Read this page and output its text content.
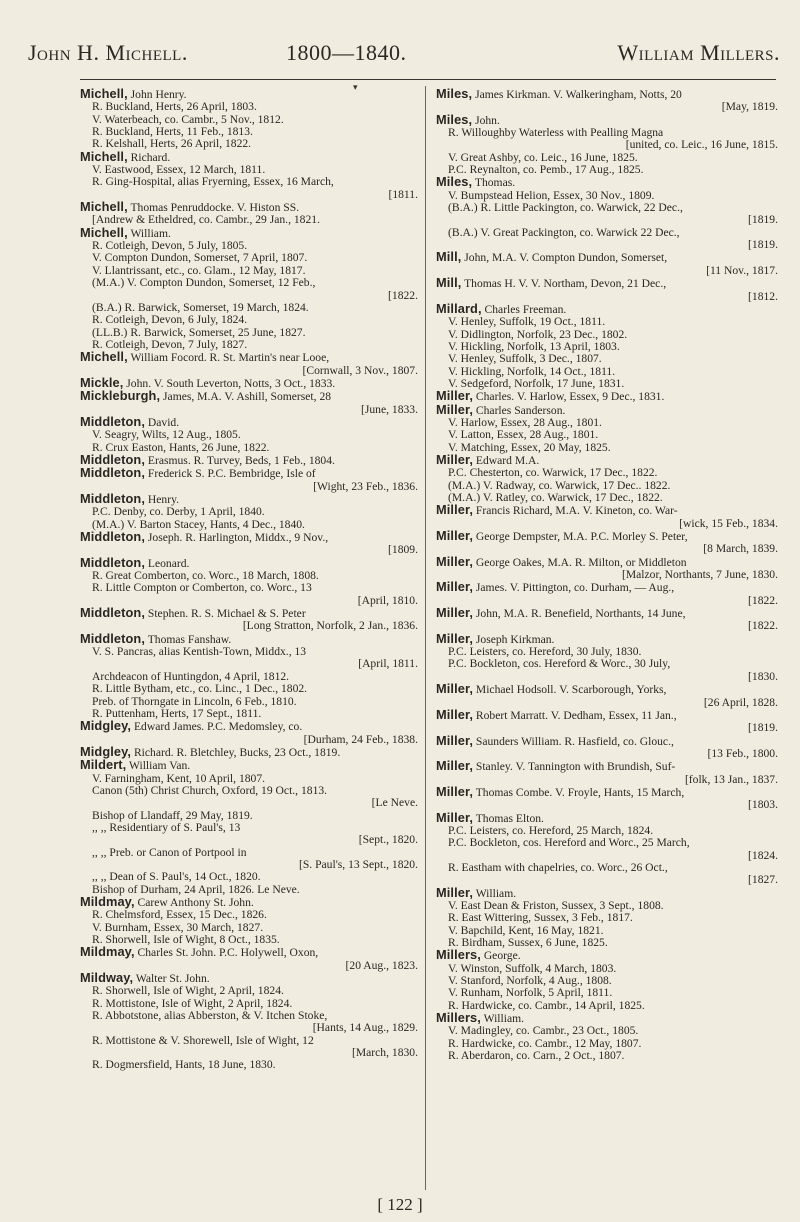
John H. Michell.	1800—1840.	William Millers.
▾
Michell, John Henry.
R. Buckland, Herts, 26 April, 1803.
V. Waterbeach, co. Cambr., 5 Nov., 1812.
R. Buckland, Herts, 11 Feb., 1813.
R. Kelshall, Herts, 26 April, 1822.
Michell, Richard.
V. Eastwood, Essex, 12 March, 1811.
R. Ging-Hospital, alias Fryerning, Essex, 16 March,
[1811.
Michell, Thomas Penruddocke. V. Histon SS.
[Andrew & Etheldred, co. Cambr., 29 Jan., 1821.
Michell, William.
R. Cotleigh, Devon, 5 July, 1805.
V. Compton Dundon, Somerset, 7 April, 1807.
V. Llantrissant, etc., co. Glam., 12 May, 1817.
(M.A.) V. Compton Dundon, Somerset, 12 Feb.,
[1822.
(B.A.) R. Barwick, Somerset, 19 March, 1824.
R. Cotleigh, Devon, 6 July, 1824.
(LL.B.) R. Barwick, Somerset, 25 June, 1827.
R. Cotleigh, Devon, 7 July, 1827.
Michell, William Focord. R. St. Martin's near Looe,
[Cornwall, 3 Nov., 1807.
Mickle, John. V. South Leverton, Notts, 3 Oct., 1833.
Mickleburgh, James, M.A. V. Ashill, Somerset, 28
[June, 1833.
Middleton, David.
V. Seagry, Wilts, 12 Aug., 1805.
R. Crux Easton, Hants, 26 June, 1822.
Middleton, Erasmus. R. Turvey, Beds, 1 Feb., 1804.
Middleton, Frederick S. P.C. Bembridge, Isle of
[Wight, 23 Feb., 1836.
Middleton, Henry.
P.C. Denby, co. Derby, 1 April, 1840.
(M.A.) V. Barton Stacey, Hants, 4 Dec., 1840.
Middleton, Joseph. R. Harlington, Middx., 9 Nov.,
[1809.
Middleton, Leonard.
R. Great Comberton, co. Worc., 18 March, 1808.
R. Little Compton or Comberton, co. Worc., 13
[April, 1810.
Middleton, Stephen. R. S. Michael & S. Peter
[Long Stratton, Norfolk, 2 Jan., 1836.
Middleton, Thomas Fanshaw.
V. S. Pancras, alias Kentish-Town, Middx., 13
[April, 1811.
Archdeacon of Huntingdon, 4 April, 1812.
R. Little Bytham, etc., co. Linc., 1 Dec., 1802.
Preb. of Thorngate in Lincoln, 6 Feb., 1810.
R. Puttenham, Herts, 17 Sept., 1811.
Midgley, Edward James. P.C. Medomsley, co.
[Durham, 24 Feb., 1838.
Midgley, Richard. R. Bletchley, Bucks, 23 Oct., 1819.
Mildert, William Van.
V. Farningham, Kent, 10 April, 1807.
Canon (5th) Christ Church, Oxford, 19 Oct., 1813.
[Le Neve.
Bishop of Llandaff, 29 May, 1819.
,, ,, Residentiary of S. Paul's, 13
[Sept., 1820.
,, ,, Preb. or Canon of Portpool in
[S. Paul's, 13 Sept., 1820.
,, ,, Dean of S. Paul's, 14 Oct., 1820.
Bishop of Durham, 24 April, 1826. Le Neve.
Mildmay, Carew Anthony St. John.
R. Chelmsford, Essex, 15 Dec., 1826.
V. Burnham, Essex, 30 March, 1827.
R. Shorwell, Isle of Wight, 8 Oct., 1835.
Mildmay, Charles St. John. P.C. Holywell, Oxon,
[20 Aug., 1823.
Mildway, Walter St. John.
R. Shorwell, Isle of Wight, 2 April, 1824.
R. Mottistone, Isle of Wight, 2 April, 1824.
R. Abbotstone, alias Abberston, & V. Itchen Stoke,
[Hants, 14 Aug., 1829.
R. Mottistone & V. Shorewell, Isle of Wight, 12
[March, 1830.
R. Dogmersfield, Hants, 18 June, 1830.
Miles, James Kirkman. V. Walkeringham, Notts, 20
[May, 1819.
Miles, John.
R. Willoughby Waterless with Pealling Magna
[united, co. Leic., 16 June, 1815.
V. Great Ashby, co. Leic., 16 June, 1825.
P.C. Reynalton, co. Pemb., 17 Aug., 1825.
Miles, Thomas.
V. Bumpstead Helion, Essex, 30 Nov., 1809.
(B.A.) R. Little Packington, co. Warwick, 22 Dec.,
[1819.
(B.A.) V. Great Packington, co. Warwick 22 Dec.,
[1819.
Mill, John, M.A. V. Compton Dundon, Somerset,
[11 Nov., 1817.
Mill, Thomas H. V. V. Northam, Devon, 21 Dec.,
[1812.
Millard, Charles Freeman.
V. Henley, Suffolk, 19 Oct., 1811.
V. Didlington, Norfolk, 23 Dec., 1802.
V. Hickling, Norfolk, 13 April, 1803.
V. Henley, Suffolk, 3 Dec., 1807.
V. Hickling, Norfolk, 14 Oct., 1811.
V. Sedgeford, Norfolk, 17 June, 1831.
Miller, Charles. V. Harlow, Essex, 9 Dec., 1831.
Miller, Charles Sanderson.
V. Harlow, Essex, 28 Aug., 1801.
V. Latton, Essex, 28 Aug., 1801.
V. Matching, Essex, 20 May, 1825.
Miller, Edward M.A.
P.C. Chesterton, co. Warwick, 17 Dec., 1822.
(M.A.) V. Radway, co. Warwick, 17 Dec.. 1822.
(M.A.) V. Ratley, co. Warwick, 17 Dec., 1822.
Miller, Francis Richard, M.A. V. Kineton, co. War-
[wick, 15 Feb., 1834.
Miller, George Dempster, M.A. P.C. Morley S. Peter,
[8 March, 1839.
Miller, George Oakes, M.A. R. Milton, or Middleton
[Malzor, Northants, 7 June, 1830.
Miller, James. V. Pittington, co. Durham, — Aug.,
[1822.
Miller, John, M.A. R. Benefield, Northants, 14 June,
[1822.
Miller, Joseph Kirkman.
P.C. Leisters, co. Hereford, 30 July, 1830.
P.C. Bockleton, cos. Hereford & Worc., 30 July,
[1830.
Miller, Michael Hodsoll. V. Scarborough, Yorks,
[26 April, 1828.
Miller, Robert Marratt. V. Dedham, Essex, 11 Jan.,
[1819.
Miller, Saunders William. R. Hasfield, co. Glouc.,
[13 Feb., 1800.
Miller, Stanley. V. Tannington with Brundish, Suf-
[folk, 13 Jan., 1837.
Miller, Thomas Combe. V. Froyle, Hants, 15 March,
[1803.
Miller, Thomas Elton.
P.C. Leisters, co. Hereford, 25 March, 1824.
P.C. Bockleton, cos. Hereford and Worc., 25 March,
[1824.
R. Eastham with chapelries, co. Worc., 26 Oct.,
[1827.
Miller, William.
V. East Dean & Friston, Sussex, 3 Sept., 1808.
R. East Wittering, Sussex, 3 Feb., 1817.
V. Bapchild, Kent, 16 May, 1821.
R. Birdham, Sussex, 6 June, 1825.
Millers, George.
V. Winston, Suffolk, 4 March, 1803.
V. Stanford, Norfolk, 4 Aug., 1808.
V. Runham, Norfolk, 5 April, 1811.
R. Hardwicke, co. Cambr., 14 April, 1825.
Millers, William.
V. Madingley, co. Cambr., 23 Oct., 1805.
R. Hardwicke, co. Cambr., 12 May, 1807.
R. Aberdaron, co. Carn., 2 Oct., 1807.
[ 122 ]
